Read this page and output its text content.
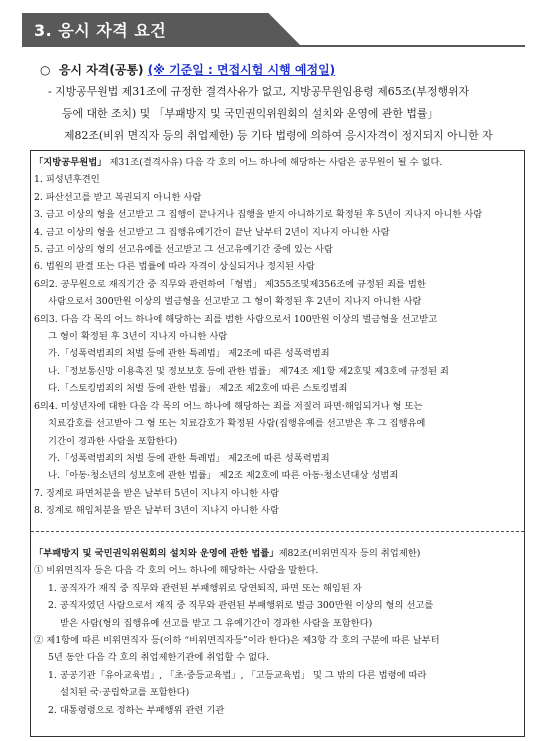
3. 응시 자격 요건
○ 응시 자격(공통) (※ 기준일 : 면접시험 시행 예정일)

- 지방공무원법 제31조에 규정한 결격사유가 없고, 지방공무원임용령 제65조(부정행위자

등에 대한 조치) 및 「부패방지 및 국민권익위원회의 설치와 운영에 관한 법률」

제82조(비위 면직자 등의 취업제한) 등 기타 법령에 의하여 응시자격이 정지되지 아니한 자

「지방공무원법」 제31조(결격사유) 다음 각 호의 어느 하나에 해당하는 사람은 공무원이 될 수 없다.

1. 피성년후견인

2. 파산선고를 받고 복권되지 아니한 사람

3. 금고 이상의 형을 선고받고 그 집행이 끝나거나 집행을 받지 아니하기로 확정된 후 5년이 지나지 아니한 사람

4. 금고 이상의 형을 선고받고 그 집행유예기간이 끝난 날부터 2년이 지나지 아니한 사람

5. 금고 이상의 형의 선고유예를 선고받고 그 선고유예기간 중에 있는 사람

6. 법원의 판결 또는 다른 법률에 따라 자격이 상실되거나 정지된 사람

6의2. 공무원으로 재직기간 중 직무와 관련하여「형법」 제355조및제356조에 규정된 죄를 범한

사람으로서 300만원 이상의 벌금형을 선고받고 그 형이 확정된 후 2년이 지나지 아니한 사람

6의3. 다음 각 목의 어느 하나에 해당하는 죄를 범한 사람으로서 100만원 이상의 벌금형을 선고받고

그 형이 확정된 후 3년이 지나지 아니한 사람

가.「성폭력범죄의 처벌 등에 관한 특례법」 제2조에 따른 성폭력범죄

나.「정보통신망 이용촉진 및 정보보호 등에 관한 법률」 제74조 제1항 제2호및 제3호에 규정된 죄

다.「스토킹범죄의 처벌 등에 관한 법률」 제2조 제2호에 따른 스토킹범죄

6의4. 미성년자에 대한 다음 각 목의 어느 하나에 해당하는 죄를 저질러 파면·해임되거나 형 또는

치료감호를 선고받아 그 형 또는 치료감호가 확정된 사람(집행유예를 선고받은 후 그 집행유예

기간이 경과한 사람을 포함한다)

가.「성폭력범죄의 처벌 등에 관한 특례법」 제2조에 따른 성폭력범죄

나.「아동·청소년의 성보호에 관한 법률」 제2조 제2호에 따른 아동·청소년대상 성범죄

7. 징계로 파면처분을 받은 날부터 5년이 지나지 아니한 사람

8. 징계로 해임처분을 받은 날부터 3년이 지나지 아니한 사람

「부패방지 및 국민권익위원회의 설치와 운영에 관한 법률」제82조(비위면직자 등의 취업제한)

① 비위면직자 등은 다음 각 호의 어느 하나에 해당하는 사람을 말한다.

1. 공직자가 재직 중 직무와 관련된 부패행위로 당연퇴직, 파면 또는 해임된 자

2. 공직자였던 사람으로서 재직 중 직무와 관련된 부패행위로 벌금 300만원 이상의 형의 선고를

받은 사람(형의 집행유예 선고를 받고 그 유예기간이 경과한 사람을 포함한다)

② 제1항에 따른 비위면직자 등(이하 “비위면직자등”이라 한다)은 제3항 각 호의 구분에 따른 날부터

5년 동안 다음 각 호의 취업제한기관에 취업할 수 없다.

1. 공공기관「유아교육법」, 「초·중등교육법」, 「고등교육법」 및 그 밖의 다른 법령에 따라

설치된 국·공립학교를 포함한다)

2. 대통령령으로 정하는 부패행위 관련 기관
